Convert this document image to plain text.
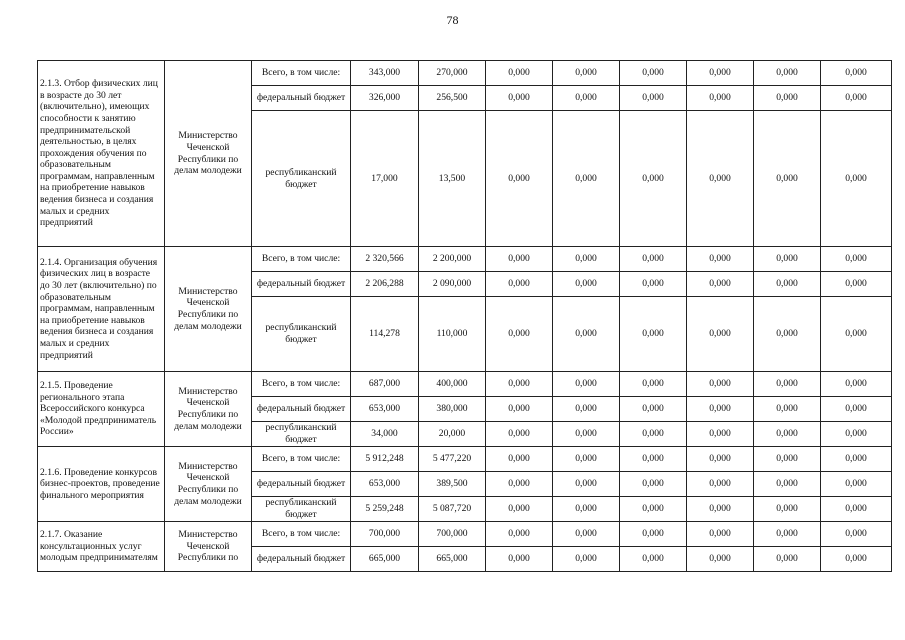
78
2.1.3. Отбор физических лиц в возрасте до 30 лет (включительно), имеющих способности к занятию предпринимательской деятельностью, в целях прохождения обучения по образовательным программам, направленным на приобретение навыков ведения бизнеса и создания малых и средних предприятий	Министерство Чеченской Республики по делам молодежи	Всего, в том числе:	343,000	270,000	0,000	0,000	0,000	0,000	0,000	0,000
		федеральный бюджет	326,000	256,500	0,000	0,000	0,000	0,000	0,000	0,000
		республиканский бюджет	17,000	13,500	0,000	0,000	0,000	0,000	0,000	0,000
2.1.4. Организация обучения физических лиц в возрасте до 30 лет (включительно) по образовательным программам, направленным на приобретение навыков ведения бизнеса и создания малых и средних предприятий	Министерство Чеченской Республики по делам молодежи	Всего, в том числе:	2 320,566	2 200,000	0,000	0,000	0,000	0,000	0,000	0,000
		федеральный бюджет	2 206,288	2 090,000	0,000	0,000	0,000	0,000	0,000	0,000
		республиканский бюджет	114,278	110,000	0,000	0,000	0,000	0,000	0,000	0,000
2.1.5. Проведение регионального этапа Всероссийского конкурса «Молодой предприниматель России»	Министерство Чеченской Республики по делам молодежи	Всего, в том числе:	687,000	400,000	0,000	0,000	0,000	0,000	0,000	0,000
		федеральный бюджет	653,000	380,000	0,000	0,000	0,000	0,000	0,000	0,000
		республиканский бюджет	34,000	20,000	0,000	0,000	0,000	0,000	0,000	0,000
2.1.6. Проведение конкурсов бизнес-проектов, проведение финального мероприятия	Министерство Чеченской Республики по делам молодежи	Всего, в том числе:	5 912,248	5 477,220	0,000	0,000	0,000	0,000	0,000	0,000
		федеральный бюджет	653,000	389,500	0,000	0,000	0,000	0,000	0,000	0,000
		республиканский бюджет	5 259,248	5 087,720	0,000	0,000	0,000	0,000	0,000	0,000
2.1.7. Оказание консультационных услуг молодым предпринимателям	Министерство Чеченской Республики по	Всего, в том числе:	700,000	700,000	0,000	0,000	0,000	0,000	0,000	0,000
		федеральный бюджет	665,000	665,000	0,000	0,000	0,000	0,000	0,000	0,000
